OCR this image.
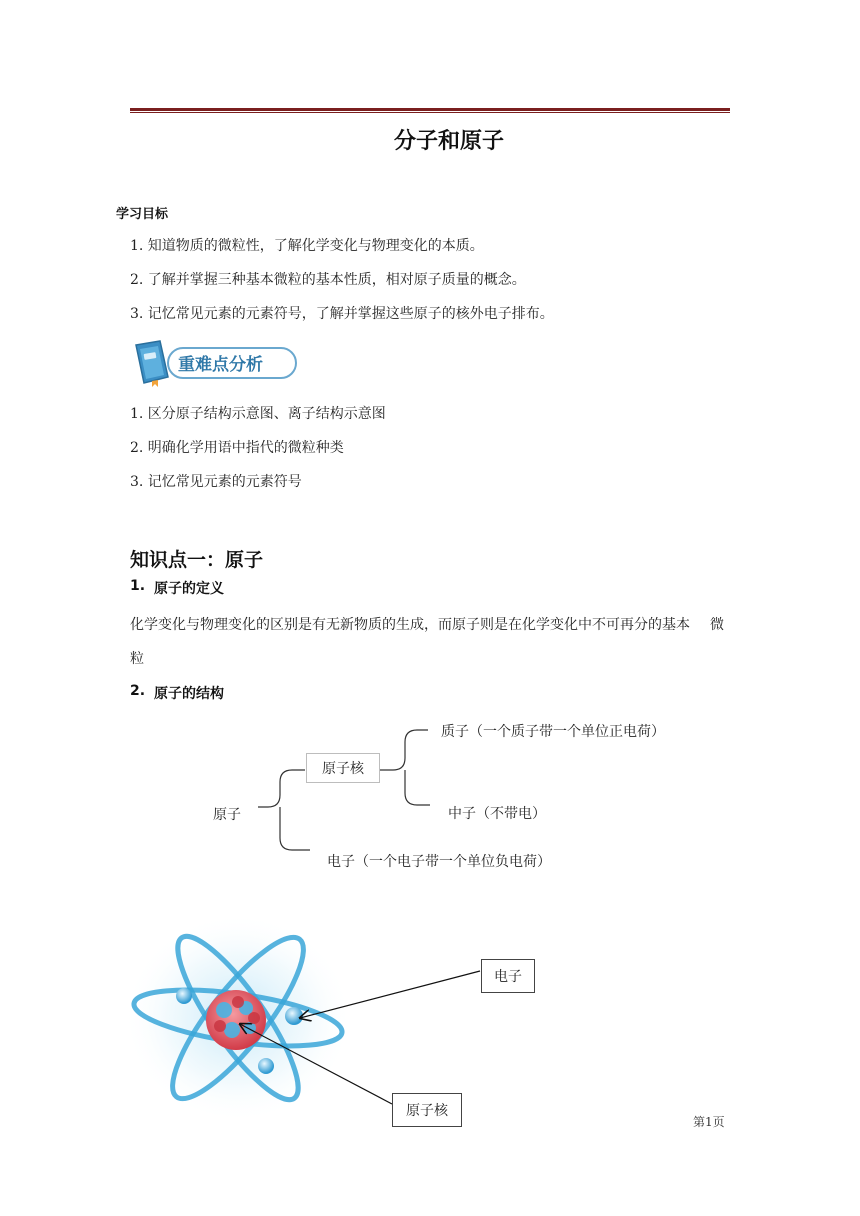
分子和原子
学习目标
1. 知道物质的微粒性，了解化学变化与物理变化的本质。
2. 了解并掌握三种基本微粒的基本性质，相对原子质量的概念。
3. 记忆常见元素的元素符号，了解并掌握这些原子的核外电子排布。
重难点分析
1. 区分原子结构示意图、离子结构示意图
2. 明确化学用语中指代的微粒种类
3. 记忆常见元素的元素符号
知识点一：原子
1. 原子的定义
化学变化与物理变化的区别是有无新物质的生成，而原子则是在化学变化中不可再分的基本 微
粒
2. 原子的结构
原子
原子核
质子（一个质子带一个单位正电荷）
中子（不带电）
电子（一个电子带一个单位负电荷）
电子
原子核
第1页
